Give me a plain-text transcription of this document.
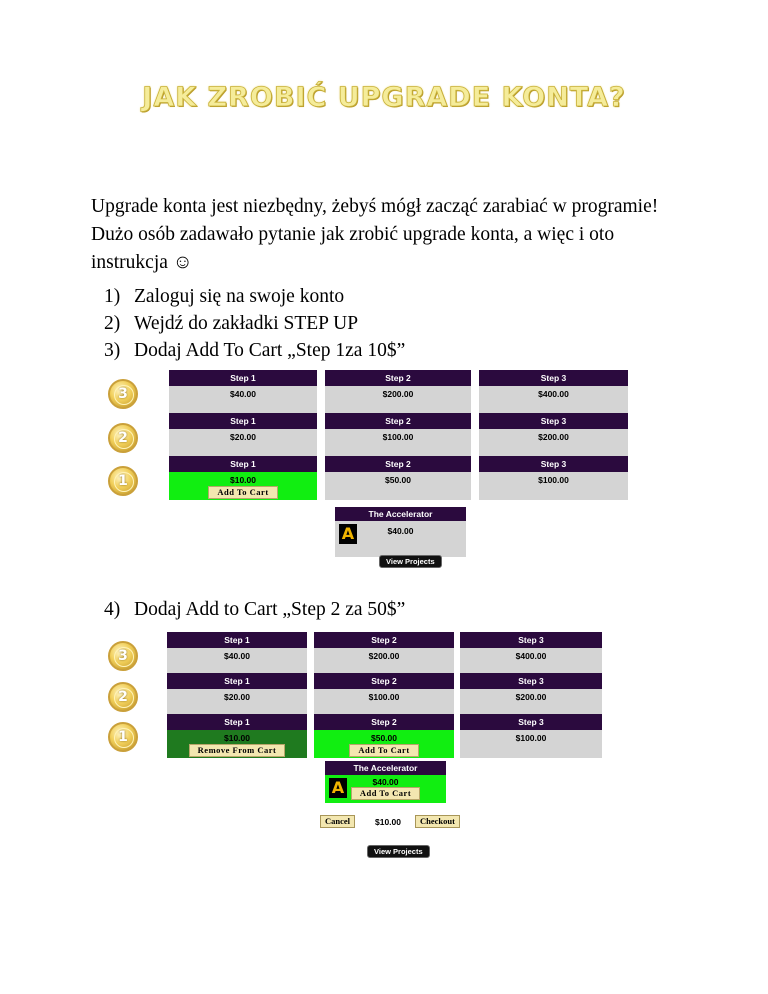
JAK ZROBIĆ UPGRADE KONTA?
Upgrade konta jest niezbędny, żebyś mógł zacząć zarabiać w programie! Dużo osób zadawało pytanie jak zrobić upgrade konta, a więc i oto instrukcja ☺
1) Zaloguj się na swoje konto
2) Wejdź do zakładki STEP UP
3) Dodaj Add To Cart „Step 1za 10$”
3
2
1
Step 1
$40.00
Step 2
$200.00
Step 3
$400.00
Step 1
$20.00
Step 2
$100.00
Step 3
$200.00
Step 1
$10.00
Add To Cart
Step 2
$50.00
Step 3
$100.00
The Accelerator
A	$40.00
View Projects
4) Dodaj Add to Cart „Step 2 za 50$”
3
2
1
Step 1
$40.00
Step 2
$200.00
Step 3
$400.00
Step 1
$20.00
Step 2
$100.00
Step 3
$200.00
Step 1
$10.00
Remove From Cart
Step 2
$50.00
Add To Cart
Step 3
$100.00
The Accelerator
A	$40.00
Add To Cart
Cancel	$10.00	Checkout
View Projects
